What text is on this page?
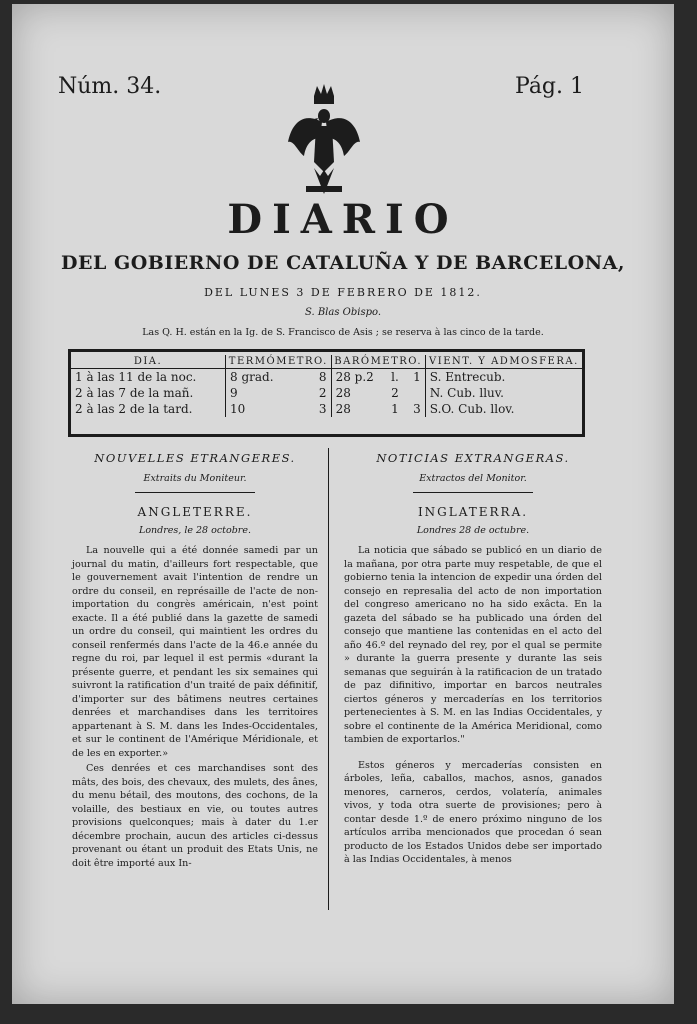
Núm. 34.	Pág. 1
DIARIO
DEL GOBIERNO DE CATALUÑA Y DE BARCELONA,
DEL LUNES 3 DE FEBRERO DE 1812.
S. Blas Obispo.
Las Q. H. están en la Ig. de S. Francisco de Asis ; se reserva à las cinco de la tarde.
DIA.	TERMÓMETRO.		BARÓMETRO.			VIENT. Y ADMOSFERA.
1 à las 11 de la noc.	8 grad.	8	28 p.2	l.	1	S. Entrecub.
2 à las 7 de la mañ.	9	2	28	2		N. Cub. lluv.
2 à las 2 de la tard.	10	3	28	1	3	S.O. Cub. llov.
NOUVELLES ETRANGERES.
Extraits du Moniteur.
ANGLETERRE.
Londres, le 28 octobre.
La nouvelle qui a été donnée samedi par un journal du matin, d'ailleurs fort respectable, que le gouvernement avait l'intention de rendre un ordre du conseil, en représaille de l'acte de non-importation du congrès américain, n'est point exacte. Il a été publié dans la gazette de samedi un ordre du conseil, qui maintient les ordres du conseil renfermés dans l'acte de la 46.e année du regne du roi, par lequel il est permis «durant la présente guerre, et pendant les six semaines qui suivront la ratification d'un traité de paix définitif, d'importer sur des bâtimens neutres certaines denrées et marchandises dans les territoires appartenant à S. M. dans les Indes-Occidentales, et sur le continent de l'Amérique Méridionale, et de les en exporter.»
Ces denrées et ces marchandises sont des mâts, des bois, des chevaux, des mulets, des ânes, du menu bétail, des moutons, des cochons, de la volaille, des bestiaux en vie, ou toutes autres provisions quelconques; mais à dater du 1.er décembre prochain, aucun des articles ci-dessus provenant ou étant un produit des Etats Unis, ne doit être importé aux In-
NOTICIAS EXTRANGERAS.
Extractos del Monitor.
INGLATERRA.
Londres 28 de octubre.
La noticia que sábado se publicó en un diario de la mañana, por otra parte muy respetable, de que el gobierno tenia la intencion de expedir una órden del consejo en represalia del acto de non importation del congreso americano no ha sido exâcta. En la gazeta del sábado se ha publicado una órden del consejo que mantiene las contenidas en el acto del año 46.º del reynado del rey, por el qual se permite » durante la guerra presente y durante las seis semanas que seguirán à la ratificacion de un tratado de paz difinitivo, importar en barcos neutrales ciertos géneros y mercaderías en los territorios pertenecientes à S. M. en las Indias Occidentales, y sobre el continente de la América Meridional, como tambien de exportarlos."
Estos géneros y mercaderías consisten en árboles, leña, caballos, machos, asnos, ganados menores, carneros, cerdos, volatería, animales vivos, y toda otra suerte de provisiones; pero à contar desde 1.º de enero próximo ninguno de los artículos arriba mencionados que procedan ó sean producto de los Estados Unidos debe ser importado à las Indias Occidentales, à menos
